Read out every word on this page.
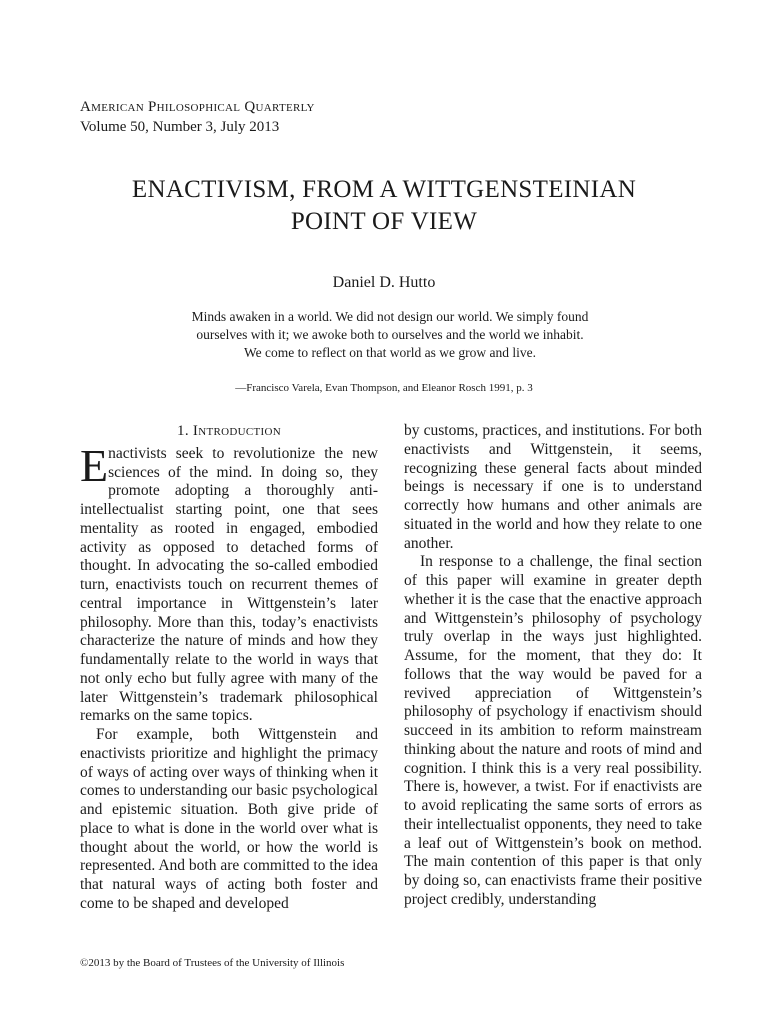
American Philosophical Quarterly
Volume 50, Number 3, July 2013
ENACTIVISM, FROM A WITTGENSTEINIAN
POINT OF VIEW
Daniel D. Hutto
Minds awaken in a world. We did not design our world. We simply found ourselves with it; we awoke both to ourselves and the world we inhabit. We come to reflect on that world as we grow and live.
—Francisco Varela, Evan Thompson, and Eleanor Rosch 1991, p. 3
1. Introduction

Enactivists seek to revolutionize the new sciences of the mind. In doing so, they promote adopting a thoroughly anti-intellectualist starting point, one that sees mentality as rooted in engaged, embodied activity as opposed to detached forms of thought. In advocating the so-called embodied turn, enactivists touch on recurrent themes of central importance in Wittgenstein’s later philosophy. More than this, today’s enactivists characterize the nature of minds and how they fundamentally relate to the world in ways that not only echo but fully agree with many of the later Wittgenstein’s trademark philosophical remarks on the same topics.

For example, both Wittgenstein and enactivists prioritize and highlight the primacy of ways of acting over ways of thinking when it comes to understanding our basic psychological and epistemic situation. Both give pride of place to what is done in the world over what is thought about the world, or how the world is represented. And both are committed to the idea that natural ways of acting both foster and come to be shaped and developed

by customs, practices, and institutions. For both enactivists and Wittgenstein, it seems, recognizing these general facts about minded beings is necessary if one is to understand correctly how humans and other animals are situated in the world and how they relate to one another.

In response to a challenge, the final section of this paper will examine in greater depth whether it is the case that the enactive approach and Wittgenstein’s philosophy of psychology truly overlap in the ways just highlighted. Assume, for the moment, that they do: It follows that the way would be paved for a revived appreciation of Wittgenstein’s philosophy of psychology if enactivism should succeed in its ambition to reform mainstream thinking about the nature and roots of mind and cognition. I think this is a very real possibility. There is, however, a twist. For if enactivists are to avoid replicating the same sorts of errors as their intellectualist opponents, they need to take a leaf out of Wittgenstein’s book on method. The main contention of this paper is that only by doing so, can enactivists frame their positive project credibly, understanding

©2013 by the Board of Trustees of the University of Illinois
